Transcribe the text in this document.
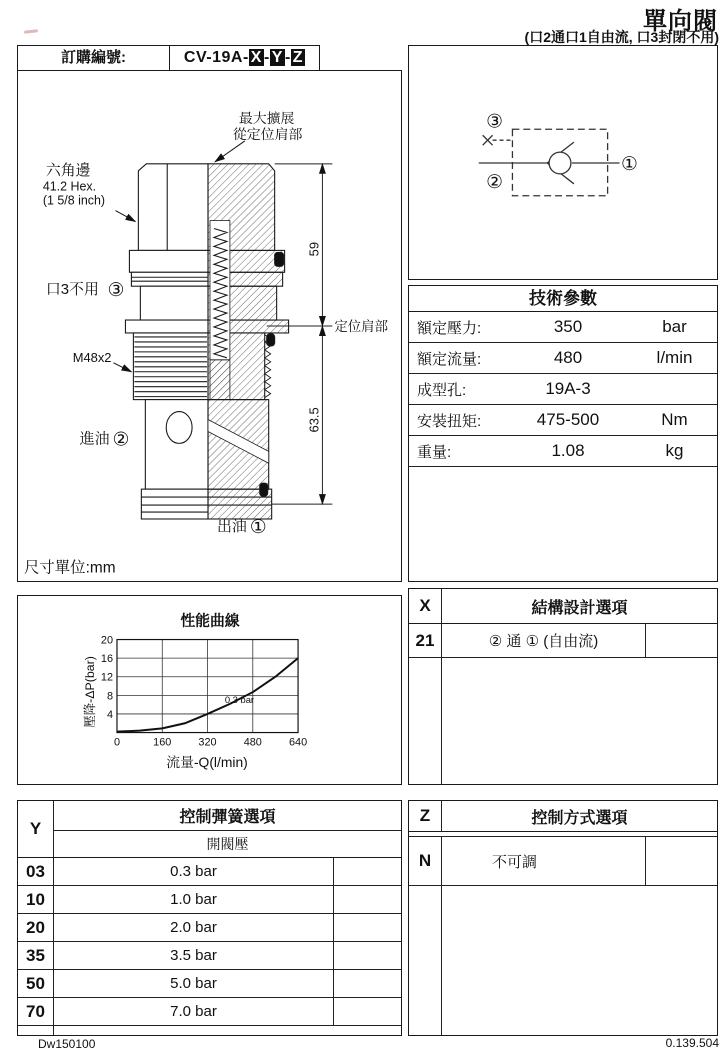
單向閥
(口2通口1自由流, 口3封閉不用)
訂購編號:	CV-19A- X - Y - Z
最大擴展
從定位肩部
六角邊
41.2 Hex.
(1 5/8 inch)
口3不用 ③
M48x2
進油 ②
出油 ①
定位肩部
59
63.5
尺寸單位:mm
③
②
①
技術參數
額定壓力:	350	bar
額定流量:	480	l/min
成型孔:	19A-3
安裝扭矩:	475-500	Nm
重量:	1.08	kg
性能曲線
壓降-ΔP(bar)
流量-Q(l/min)
4
8
12
16
20
0	160 320 480 640
0.3 bar
X	結構設計選項
21	② 通 ① (自由流)
Y
控制彈簧選項
開閥壓
03	0.3 bar
10	1.0 bar
20	2.0 bar
35	3.5 bar
50	5.0 bar
70	7.0 bar
Z	控制方式選項
N	不可調
Dw150100	0.139.504
